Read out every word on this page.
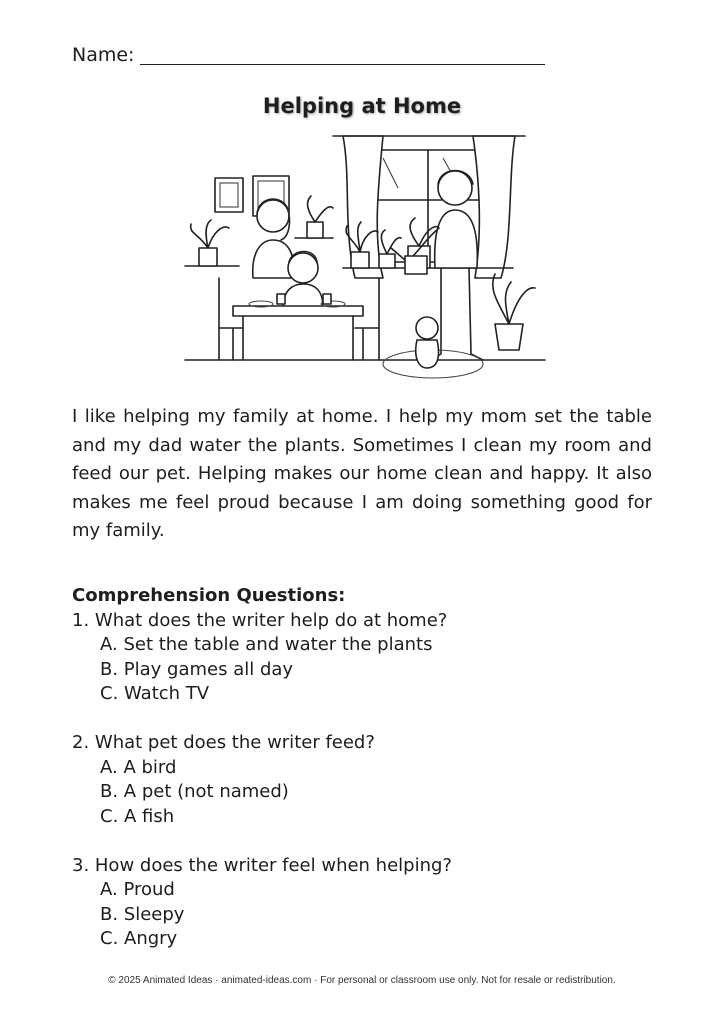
Name:
Helping at Home
I like helping my family at home. I help my mom set the table and my dad water the plants. Sometimes I clean my room and feed our pet. Helping makes our home clean and happy. It also makes me feel proud because I am doing something good for my family.
Comprehension Questions:
1. What does the writer help do at home?
A. Set the table and water the plants
B. Play games all day
C. Watch TV
2. What pet does the writer feed?
A. A bird
B. A pet (not named)
C. A fish
3. How does the writer feel when helping?
A. Proud
B. Sleepy
C. Angry
© 2025 Animated Ideas · animated-ideas.com · For personal or classroom use only. Not for resale or redistribution.
